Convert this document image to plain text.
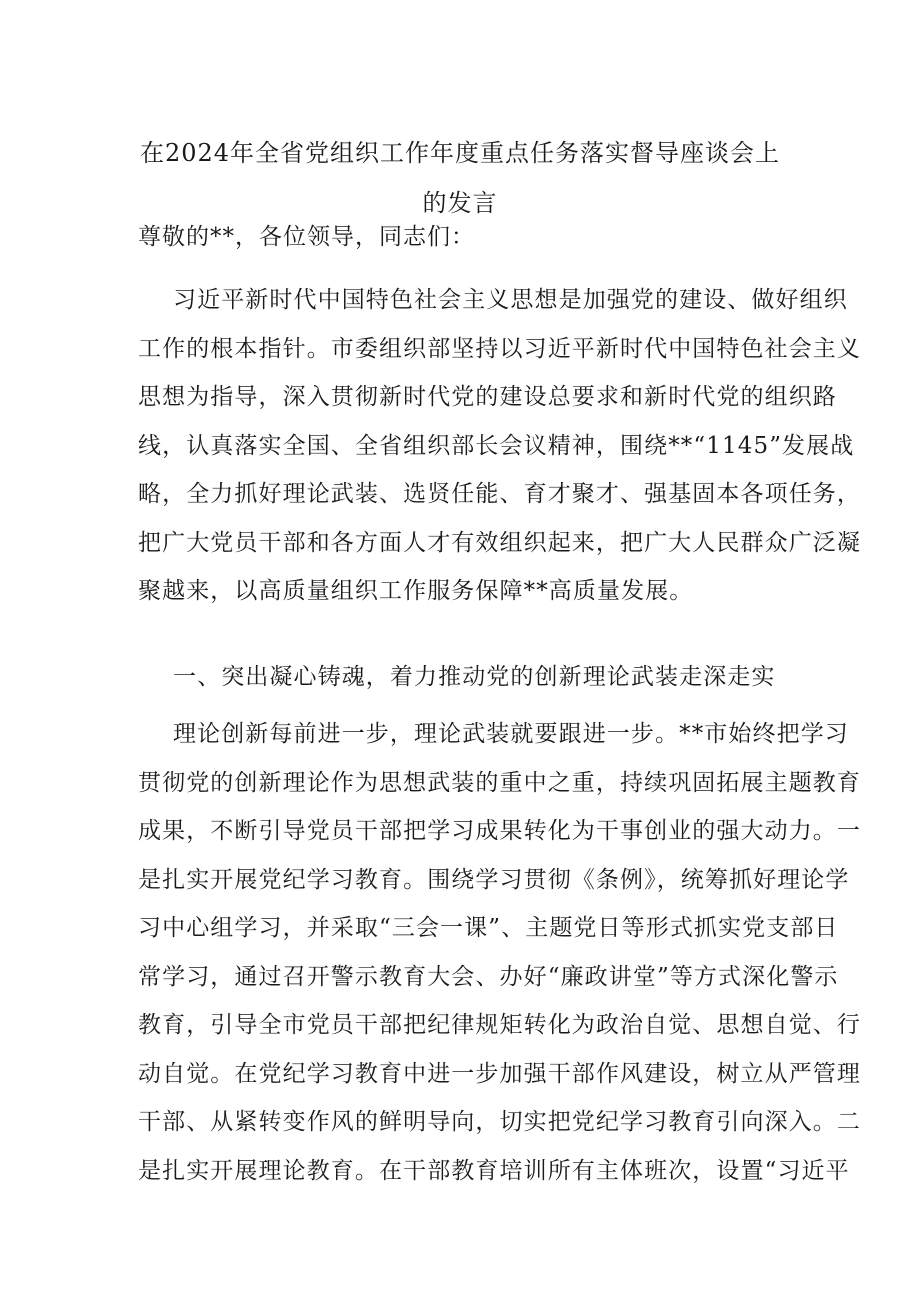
在2024年全省党组织工作年度重点任务落实督导座谈会上
的发言
尊敬的**，各位领导，同志们：
习近平新时代中国特色社会主义思想是加强党的建设、做好组织
工作的根本指针。市委组织部坚持以习近平新时代中国特色社会主义
思想为指导，深入贯彻新时代党的建设总要求和新时代党的组织路
线，认真落实全国、全省组织部长会议精神，围绕**“1145”发展战
略，全力抓好理论武装、选贤任能、育才聚才、强基固本各项任务，
把广大党员干部和各方面人才有效组织起来，把广大人民群众广泛凝
聚越来，以高质量组织工作服务保障**高质量发展。
一、突出凝心铸魂，着力推动党的创新理论武装走深走实
理论创新每前进一步，理论武装就要跟进一步。**市始终把学习
贯彻党的创新理论作为思想武装的重中之重，持续巩固拓展主题教育
成果，不断引导党员干部把学习成果转化为干事创业的强大动力。一
是扎实开展党纪学习教育。围绕学习贯彻《条例》，统筹抓好理论学
习中心组学习，并采取“三会一课”、主题党日等形式抓实党支部日
常学习，通过召开警示教育大会、办好“廉政讲堂”等方式深化警示
教育，引导全市党员干部把纪律规矩转化为政治自觉、思想自觉、行
动自觉。在党纪学习教育中进一步加强干部作风建设，树立从严管理
干部、从紧转变作风的鲜明导向，切实把党纪学习教育引向深入。二
是扎实开展理论教育。在干部教育培训所有主体班次，设置“习近平
